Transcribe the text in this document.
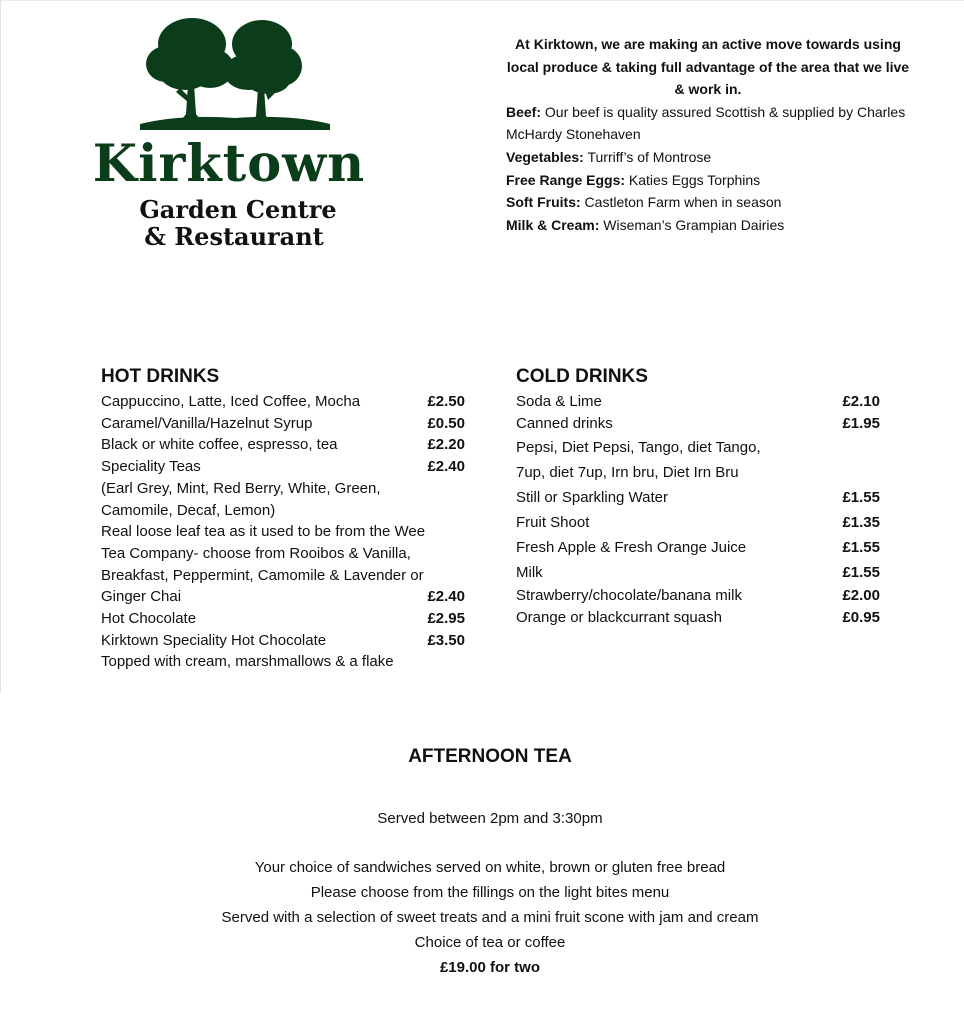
Kirktown
Garden Centre
& Restaurant
At Kirktown, we are making an active move towards using local produce & taking full advantage of the area that we live & work in.
Beef: Our beef is quality assured Scottish & supplied by Charles McHardy Stonehaven
Vegetables: Turriff’s of Montrose
Free Range Eggs: Katies Eggs Torphins
Soft Fruits: Castleton Farm when in season
Milk & Cream: Wiseman’s Grampian Dairies
HOT DRINKS
Cappuccino, Latte, Iced Coffee, Mocha	£2.50
Caramel/Vanilla/Hazelnut Syrup	£0.50
Black or white coffee, espresso, tea	£2.20
Speciality Teas	£2.40
(Earl Grey, Mint, Red Berry, White, Green,
Camomile, Decaf, Lemon)
Real loose leaf tea as it used to be from the Wee
Tea Company- choose from Rooibos & Vanilla,
Breakfast, Peppermint, Camomile & Lavender or
Ginger Chai	£2.40
Hot Chocolate	£2.95
Kirktown Speciality Hot Chocolate	£3.50
Topped with cream, marshmallows & a flake
COLD DRINKS
Soda & Lime	£2.10
Canned drinks	£1.95
Pepsi, Diet Pepsi, Tango, diet Tango,
7up, diet 7up, Irn bru, Diet Irn Bru
Still or Sparkling Water	£1.55
Fruit Shoot	£1.35
Fresh Apple & Fresh Orange Juice	£1.55
Milk	£1.55
Strawberry/chocolate/banana milk	£2.00
Orange or blackcurrant squash	£0.95
AFTERNOON TEA
Served between 2pm and 3:30pm
Your choice of sandwiches served on white, brown or gluten free bread
Please choose from the fillings on the light bites menu
Served with a selection of sweet treats and a mini fruit scone with jam and cream
Choice of tea or coffee
£19.00 for two
